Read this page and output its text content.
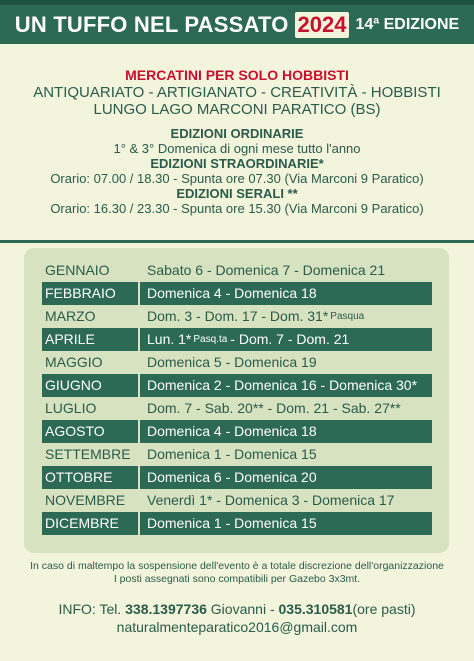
UN TUFFO NEL PASSATO 2024 14ª EDIZIONE
MERCATINI PER SOLO HOBBISTI
ANTIQUARIATO - ARTIGIANATO - CREATIVITÀ - HOBBISTI
LUNGO LAGO MARCONI PARATICO (BS)
EDIZIONI ORDINARIE
1° & 3° Domenica di ogni mese tutto l'anno
EDIZIONI STRAORDINARIE*
Orario: 07.00 / 18.30 - Spunta ore 07.30 (Via Marconi 9 Paratico)
EDIZIONI SERALI **
Orario: 16.30 / 23.30 - Spunta ore 15.30 (Via Marconi 9 Paratico)
GENNAIO	Sabato 6 - Domenica 7 - Domenica 21
FEBBRAIO	Domenica 4 - Domenica 18
MARZO	Dom. 3 - Dom. 17 - Dom. 31* Pasqua
APRILE	Lun. 1* Pasq.ta - Dom. 7 - Dom. 21
MAGGIO	Domenica 5 - Domenica 19
GIUGNO	Domenica 2 - Domenica 16 - Domenica 30*
LUGLIO	Dom. 7 - Sab. 20** - Dom. 21 - Sab. 27**
AGOSTO	Domenica 4 - Domenica 18
SETTEMBRE	Domenica 1 - Domenica 15
OTTOBRE	Domenica 6 - Domenica 20
NOVEMBRE	Venerdì 1* - Domenica 3 - Domenica 17
DICEMBRE	Domenica 1 - Domenica 15
In caso di maltempo la sospensione dell'evento è a totale discrezione dell'organizzazione
I posti assegnati sono compatibili per Gazebo 3x3mt.
INFO: Tel. 338.1397736 Giovanni - 035.310581(ore pasti)
naturalmenteparatico2016@gmail.com
